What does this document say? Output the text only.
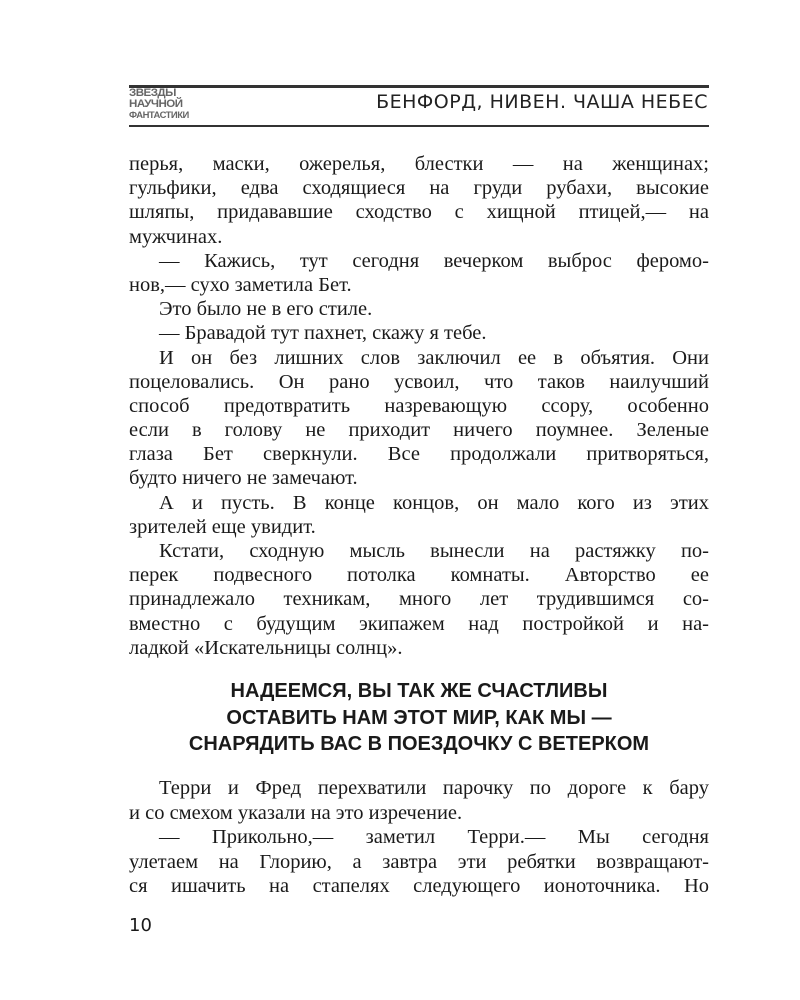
ЗВЕЗДЫ
НАУЧНОЙ
ФАНТАСТИКИ
БЕНФОРД, НИВЕН. ЧАША НЕБЕС
перья, маски, ожерелья, блестки — на женщинах;
гульфики, едва сходящиеся на груди рубахи, высокие
шляпы, придававшие сходство с хищной птицей,— на
мужчинах.
— Кажись, тут сегодня вечерком выброс феромо-
нов,— сухо заметила Бет.
Это было не в его стиле.
— Бравадой тут пахнет, скажу я тебе.
И он без лишних слов заключил ее в объятия. Они
поцеловались. Он рано усвоил, что таков наилучший
способ предотвратить назревающую ссору, особенно
если в голову не приходит ничего поумнее. Зеленые
глаза Бет сверкнули. Все продолжали притворяться,
будто ничего не замечают.
А и пусть. В конце концов, он мало кого из этих
зрителей еще увидит.
Кстати, сходную мысль вынесли на растяжку по-
перек подвесного потолка комнаты. Авторство ее
принадлежало техникам, много лет трудившимся со-
вместно с будущим экипажем над постройкой и на-
ладкой «Искательницы солнц».
НАДЕЕМСЯ, ВЫ ТАК ЖЕ СЧАСТЛИВЫ
ОСТАВИТЬ НАМ ЭТОТ МИР, КАК МЫ —
СНАРЯДИТЬ ВАС В ПОЕЗДОЧКУ С ВЕТЕРКОМ
Терри и Фред перехватили парочку по дороге к бару
и со смехом указали на это изречение.
— Прикольно,— заметил Терри.— Мы сегодня
улетаем на Глорию, а завтра эти ребятки возвращают-
ся ишачить на стапелях следующего ионоточника. Но
10
